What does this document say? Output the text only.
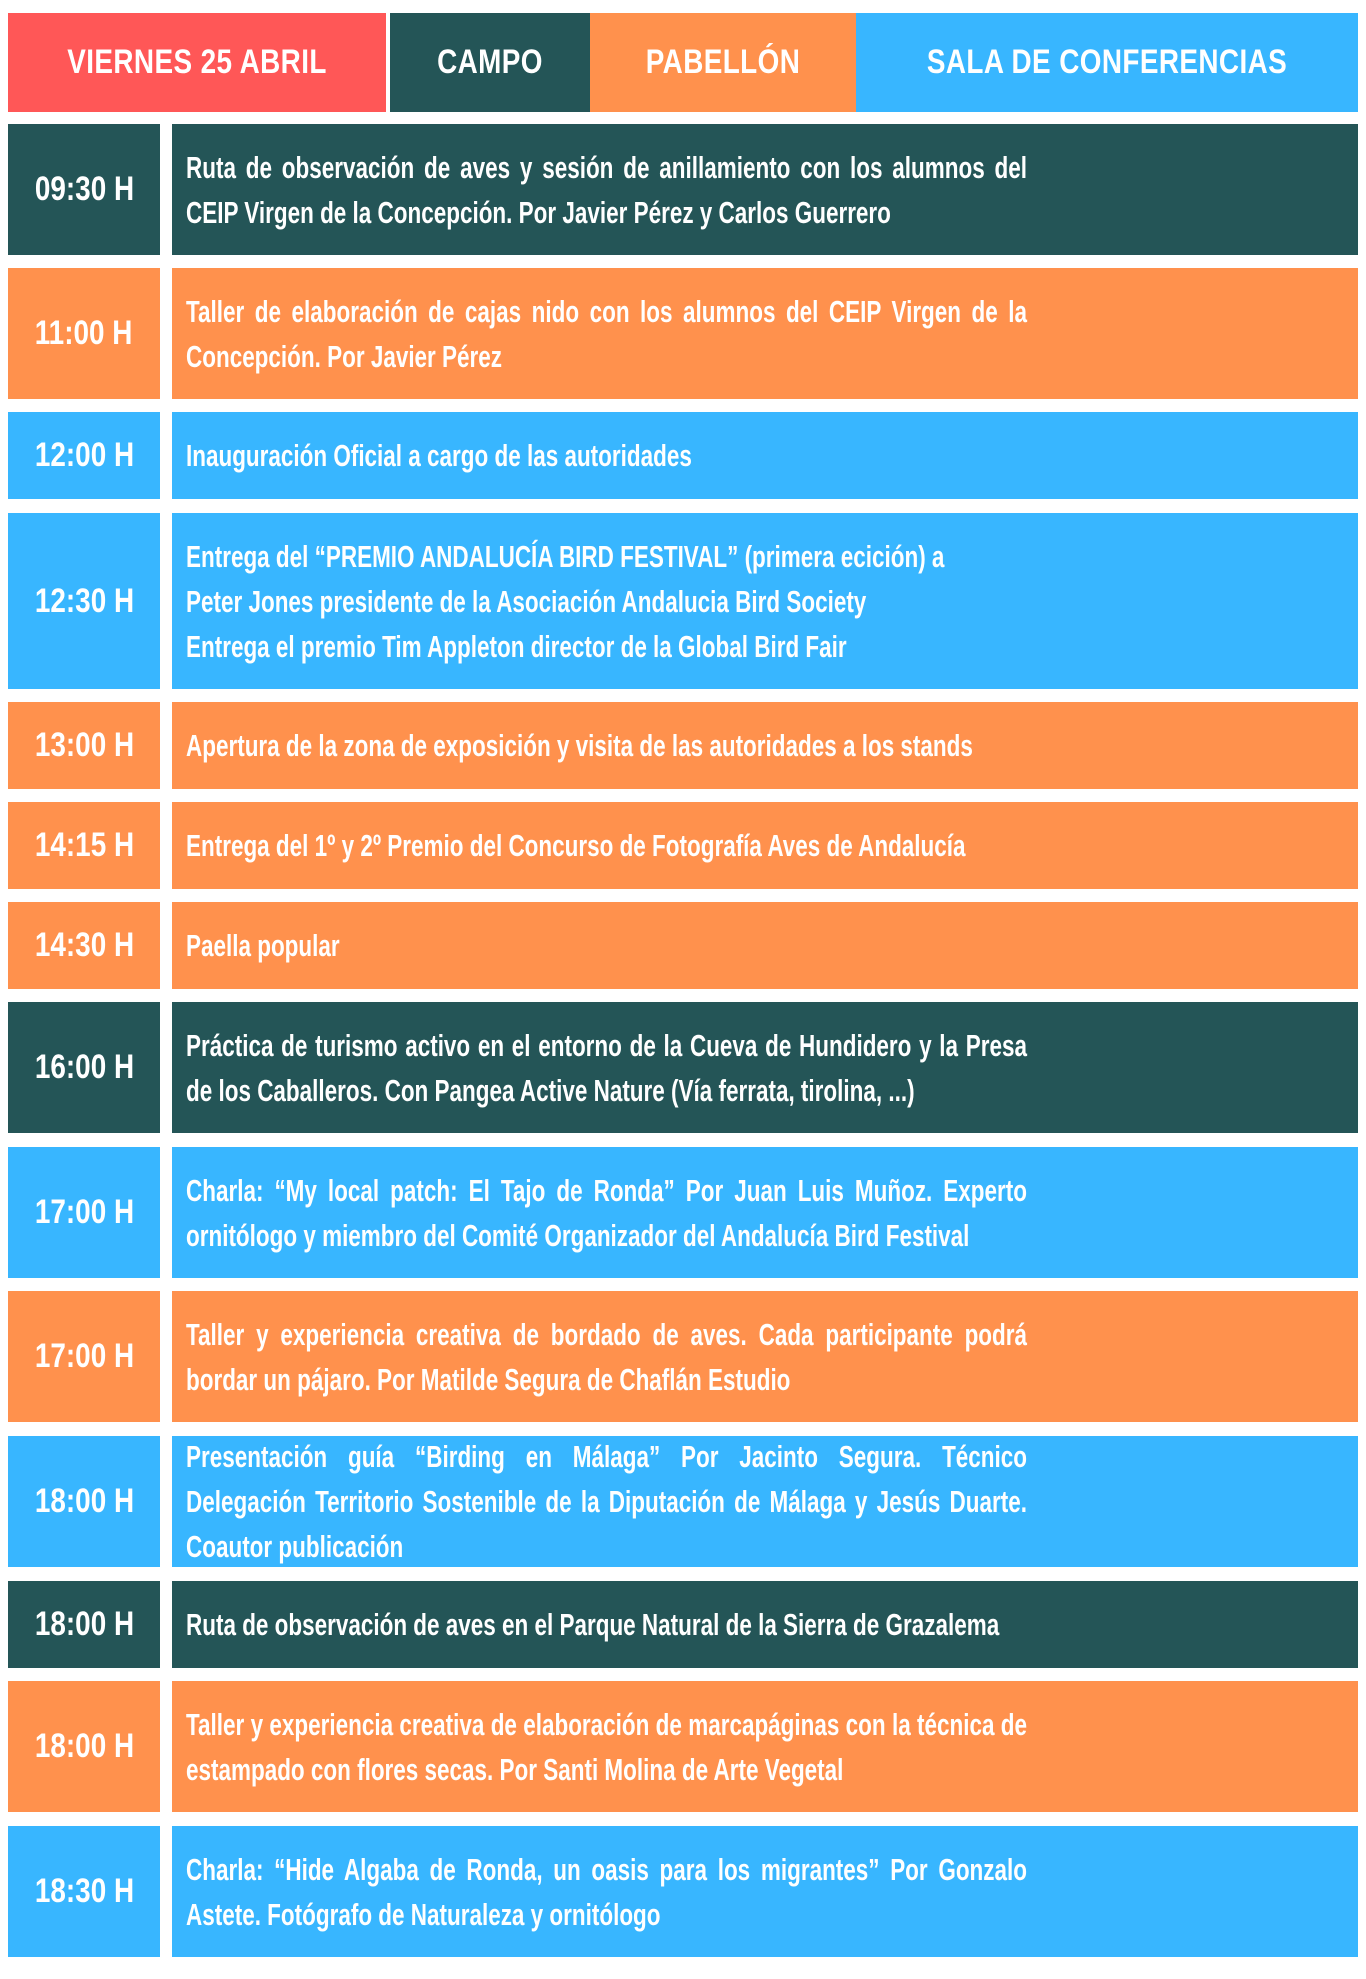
VIERNES 25 ABRIL	CAMPO	PABELLÓN	SALA DE CONFERENCIAS
09:30 H
Ruta de observación de aves y sesión de anillamiento con los alumnos del CEIP Virgen de la Concepción. Por Javier Pérez y Carlos Guerrero
11:00 H
Taller de elaboración de cajas nido con los alumnos del CEIP Virgen de la Concepción. Por Javier Pérez
12:00 H Inauguración Oficial a cargo de las autoridades
12:30 H
Entrega del “PREMIO ANDALUCÍA BIRD FESTIVAL” (primera ecición) a
Peter Jones presidente de la Asociación Andalucia Bird Society
Entrega el premio Tim Appleton director de la Global Bird Fair
13:00 H Apertura de la zona de exposición y visita de las autoridades a los stands
14:15 H Entrega del 1º y 2º Premio del Concurso de Fotografía Aves de Andalucía
14:30 H Paella popular
16:00 H
Práctica de turismo activo en el entorno de la Cueva de Hundidero y la Presa de los Caballeros. Con Pangea Active Nature (Vía ferrata, tirolina, ...)
17:00 H
Charla: “My local patch: El Tajo de Ronda” Por Juan Luis Muñoz. Experto ornitólogo y miembro del Comité Organizador del Andalucía Bird Festival
17:00 H
Taller y experiencia creativa de bordado de aves. Cada participante podrá bordar un pájaro. Por Matilde Segura de Chaflán Estudio
18:00 H
Presentación guía “Birding en Málaga” Por Jacinto Segura. Técnico Delegación Territorio Sostenible de la Diputación de Málaga y Jesús Duarte. Coautor publicación
18:00 H Ruta de observación de aves en el Parque Natural de la Sierra de Grazalema
18:00 H
Taller y experiencia creativa de elaboración de marcapáginas con la técnica de estampado con flores secas. Por Santi Molina de Arte Vegetal
18:30 H
Charla: “Hide Algaba de Ronda, un oasis para los migrantes” Por Gonzalo Astete. Fotógrafo de Naturaleza y ornitólogo
